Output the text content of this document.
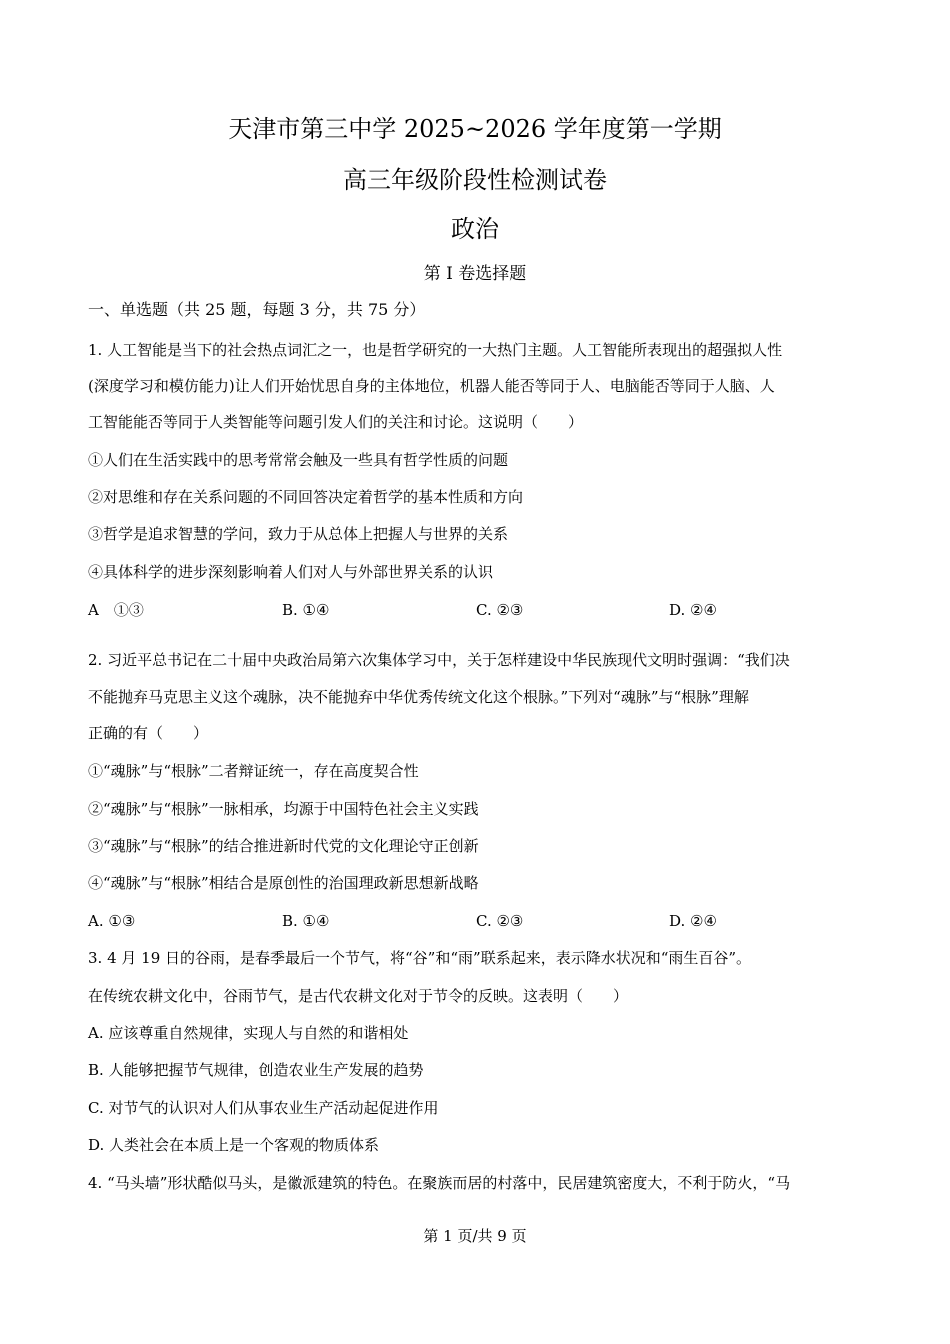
天津市第三中学 2025~2026 学年度第一学期
高三年级阶段性检测试卷
政治
第 I 卷选择题
一、单选题（共 25 题，每题 3 分，共 75 分）
1. 人工智能是当下的社会热点词汇之一，也是哲学研究的一大热门主题。人工智能所表现出的超强拟人性
(深度学习和模仿能力)让人们开始忧思自身的主体地位，机器人能否等同于人、电脑能否等同于人脑、人
工智能能否等同于人类智能等问题引发人们的关注和讨论。这说明（　　）
①人们在生活实践中的思考常常会触及一些具有哲学性质的问题
②对思维和存在关系问题的不同回答决定着哲学的基本性质和方向
③哲学是追求智慧的学问，致力于从总体上把握人与世界的关系
④具体科学的进步深刻影响着人们对人与外部世界关系的认识
A　①③	B. ①④	C. ②③	D. ②④
2. 习近平总书记在二十届中央政治局第六次集体学习中，关于怎样建设中华民族现代文明时强调：“我们决
不能抛弃马克思主义这个魂脉，决不能抛弃中华优秀传统文化这个根脉。”下列对“魂脉”与“根脉”理解
正确的有（　　）
①“魂脉”与“根脉”二者辩证统一，存在高度契合性
②“魂脉”与“根脉”一脉相承，均源于中国特色社会主义实践
③“魂脉”与“根脉”的结合推进新时代党的文化理论守正创新
④“魂脉”与“根脉”相结合是原创性的治国理政新思想新战略
A. ①③	B. ①④	C. ②③	D. ②④
3. 4 月 19 日的谷雨，是春季最后一个节气，将“谷”和“雨”联系起来，表示降水状况和“雨生百谷”。
在传统农耕文化中，谷雨节气，是古代农耕文化对于节令的反映。这表明（　　）
A. 应该尊重自然规律，实现人与自然的和谐相处
B. 人能够把握节气规律，创造农业生产发展的趋势
C. 对节气的认识对人们从事农业生产活动起促进作用
D. 人类社会在本质上是一个客观的物质体系
4. “马头墙”形状酷似马头，是徽派建筑的特色。在聚族而居的村落中，民居建筑密度大，不利于防火，“马
第 1 页/共 9 页
